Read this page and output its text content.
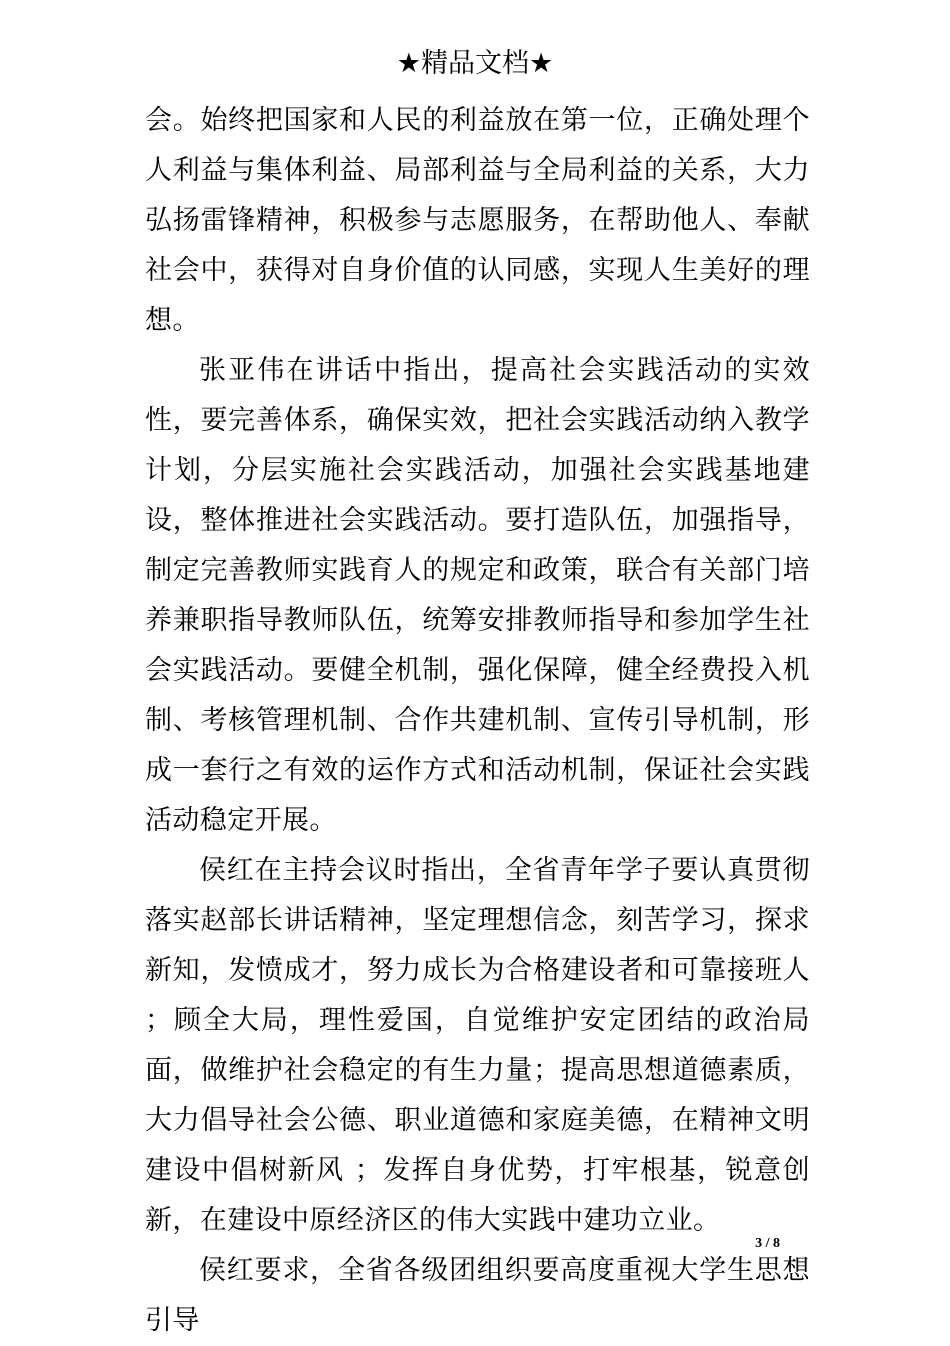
★精品文档★

会。始终把国家和人民的利益放在第一位，正确处理个人利益与集体利益、局部利益与全局利益的关系，大力弘扬雷锋精神，积极参与志愿服务，在帮助他人、奉献社会中，获得对自身价值的认同感，实现人生美好的理想。

张亚伟在讲话中指出，提高社会实践活动的实效性，要完善体系，确保实效，把社会实践活动纳入教学计划，分层实施社会实践活动，加强社会实践基地建设，整体推进社会实践活动。要打造队伍，加强指导，制定完善教师实践育人的规定和政策，联合有关部门培养兼职指导教师队伍，统筹安排教师指导和参加学生社会实践活动。要健全机制，强化保障，健全经费投入机制、考核管理机制、合作共建机制、宣传引导机制，形成一套行之有效的运作方式和活动机制，保证社会实践活动稳定开展。

侯红在主持会议时指出，全省青年学子要认真贯彻落实赵部长讲话精神，坚定理想信念，刻苦学习，探求新知，发愤成才，努力成长为合格建设者和可靠接班人 ；顾全大局，理性爱国，自觉维护安定团结的政治局面，做维护社会稳定的有生力量；提高思想道德素质，大力倡导社会公德、职业道德和家庭美德，在精神文明建设中倡树新风 ；发挥自身优势，打牢根基，锐意创新，在建设中原经济区的伟大实践中建功立业。

侯红要求，全省各级团组织要高度重视大学生思想引导

3 / 8
